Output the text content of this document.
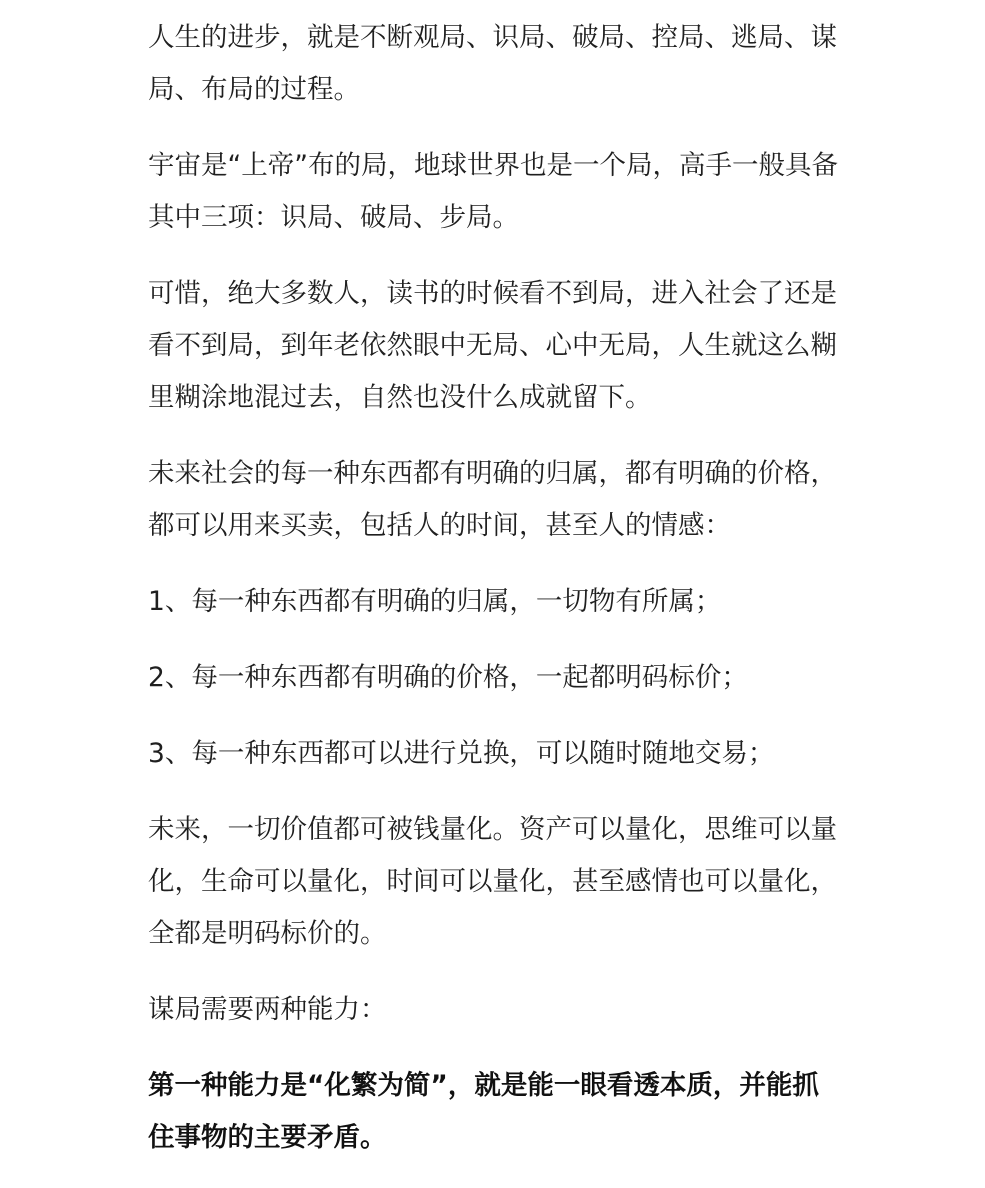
人生的进步，就是不断观局、识局、破局、控局、逃局、谋局、布局的过程。

宇宙是“上帝”布的局，地球世界也是一个局，高手一般具备其中三项：识局、破局、步局。

可惜，绝大多数人，读书的时候看不到局，进入社会了还是看不到局，到年老依然眼中无局、心中无局，人生就这么糊里糊涂地混过去，自然也没什么成就留下。

未来社会的每一种东西都有明确的归属，都有明确的价格，都可以用来买卖，包括人的时间，甚至人的情感：

1、每一种东西都有明确的归属，一切物有所属；

2、每一种东西都有明确的价格，一起都明码标价；

3、每一种东西都可以进行兑换，可以随时随地交易；

未来，一切价值都可被钱量化。资产可以量化，思维可以量化，生命可以量化，时间可以量化，甚至感情也可以量化，全都是明码标价的。

谋局需要两种能力：

第一种能力是“化繁为简”，就是能一眼看透本质，并能抓住事物的主要矛盾。
